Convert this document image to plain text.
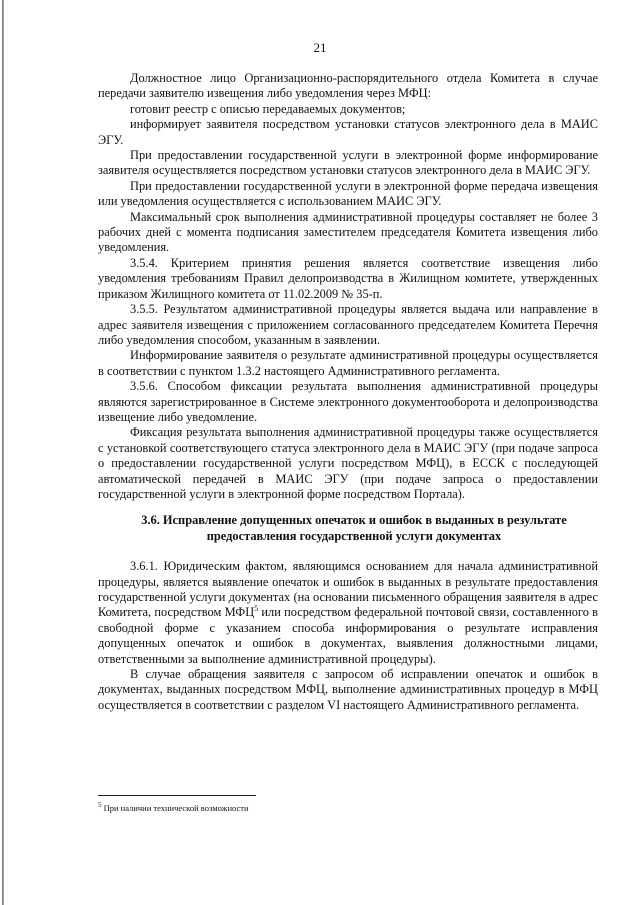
21

Должностное лицо Организационно-распорядительного отдела Комитета в случае передачи заявителю извещения либо уведомления через МФЦ:

готовит реестр с описью передаваемых документов;

информирует заявителя посредством установки статусов электронного дела в МАИС ЭГУ.

При предоставлении государственной услуги в электронной форме информирование заявителя осуществляется посредством установки статусов электронного дела в МАИС ЭГУ.

При предоставлении государственной услуги в электронной форме передача извещения или уведомления осуществляется с использованием МАИС ЭГУ.

Максимальный срок выполнения административной процедуры составляет не более 3 рабочих дней с момента подписания заместителем председателя Комитета извещения либо уведомления.

3.5.4. Критерием принятия решения является соответствие извещения либо уведомления требованиям Правил делопроизводства в Жилищном комитете, утвержденных приказом Жилищного комитета от 11.02.2009 № 35-п.

3.5.5. Результатом административной процедуры является выдача или направление в адрес заявителя извещения с приложением согласованного председателем Комитета Перечня либо уведомления способом, указанным в заявлении.

Информирование заявителя о результате административной процедуры осуществляется в соответствии с пунктом 1.3.2 настоящего Административного регламента.

3.5.6. Способом фиксации результата выполнения административной процедуры являются зарегистрированное в Системе электронного документооборота и делопроизводства извещение либо уведомление.

Фиксация результата выполнения административной процедуры также осуществляется с установкой соответствующего статуса электронного дела в МАИС ЭГУ (при подаче запроса о предоставлении государственной услуги посредством МФЦ), в ЕССК с последующей автоматической передачей в МАИС ЭГУ (при подаче запроса о предоставлении государственной услуги в электронной форме посредством Портала).

3.6. Исправление допущенных опечаток и ошибок в выданных в результате предоставления государственной услуги документах

3.6.1. Юридическим фактом, являющимся основанием для начала административной процедуры, является выявление опечаток и ошибок в выданных в результате предоставления государственной услуги документах (на основании письменного обращения заявителя в адрес Комитета, посредством МФЦ$^5$ или посредством федеральной почтовой связи, составленного в свободной форме с указанием способа информирования о результате исправления допущенных опечаток и ошибок в документах, выявления должностными лицами, ответственными за выполнение административной процедуры).

В случае обращения заявителя с запросом об исправлении опечаток и ошибок в документах, выданных посредством МФЦ, выполнение административных процедур в МФЦ осуществляется в соответствии с разделом VI настоящего Административного регламента.

$^5$ При наличии технической возможности
